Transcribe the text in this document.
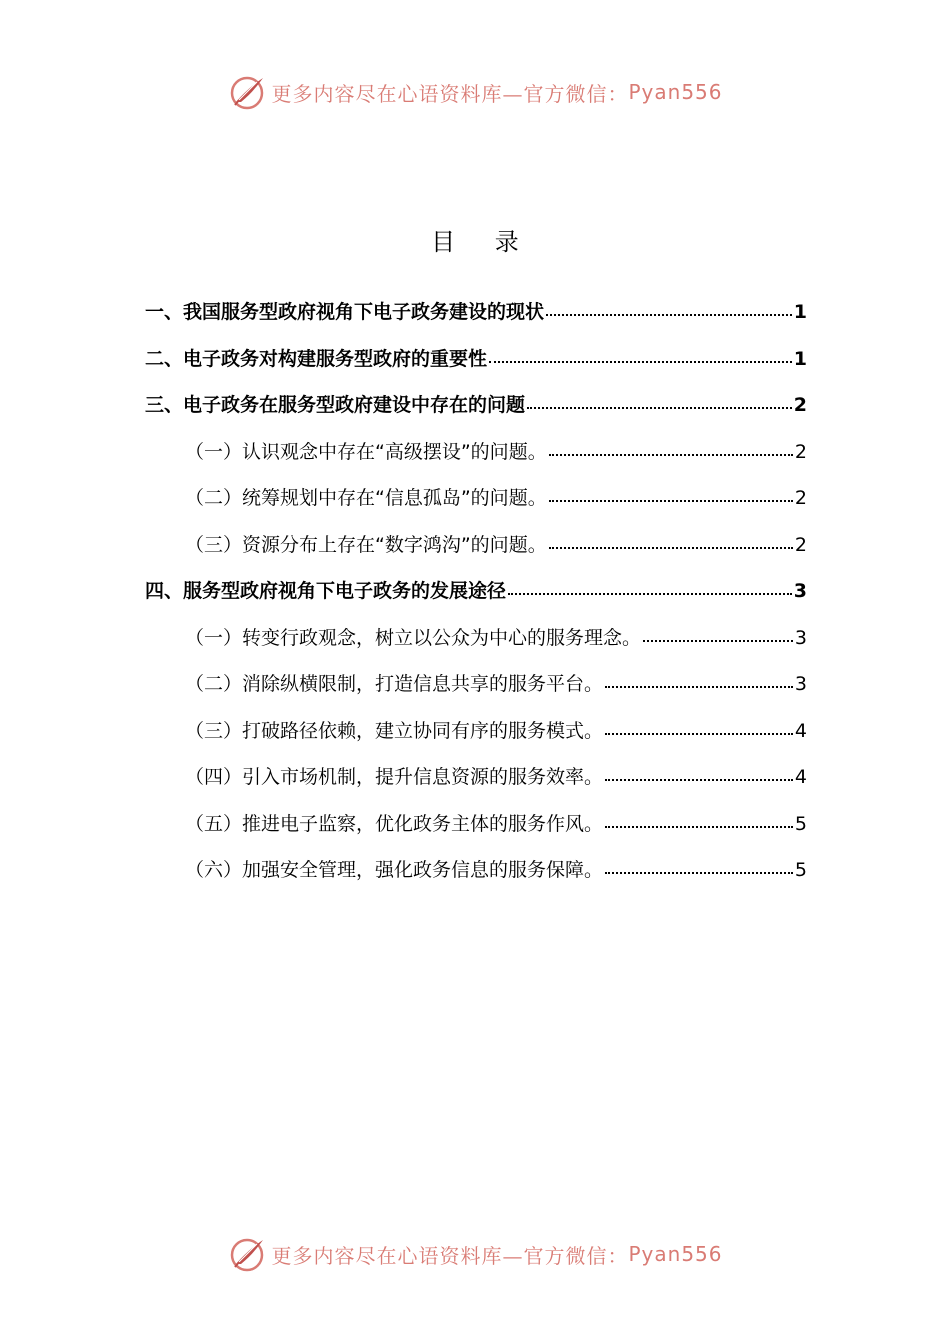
更多内容尽在心语资料库—官方微信： Pyan556
目 录
一、我国服务型政府视角下电子政务建设的现状	1
二、电子政务对构建服务型政府的重要性	1
三、电子政务在服务型政府建设中存在的问题	2
（一）认识观念中存在“高级摆设”的问题。	2
（二）统筹规划中存在“信息孤岛”的问题。	2
（三）资源分布上存在“数字鸿沟”的问题。	2
四、服务型政府视角下电子政务的发展途径	3
（一）转变行政观念，树立以公众为中心的服务理念。	3
（二）消除纵横限制，打造信息共享的服务平台。	3
（三）打破路径依赖，建立协同有序的服务模式。	4
（四）引入市场机制，提升信息资源的服务效率。	4
（五）推进电子监察，优化政务主体的服务作风。	5
（六）加强安全管理，强化政务信息的服务保障。	5
更多内容尽在心语资料库—官方微信： Pyan556
